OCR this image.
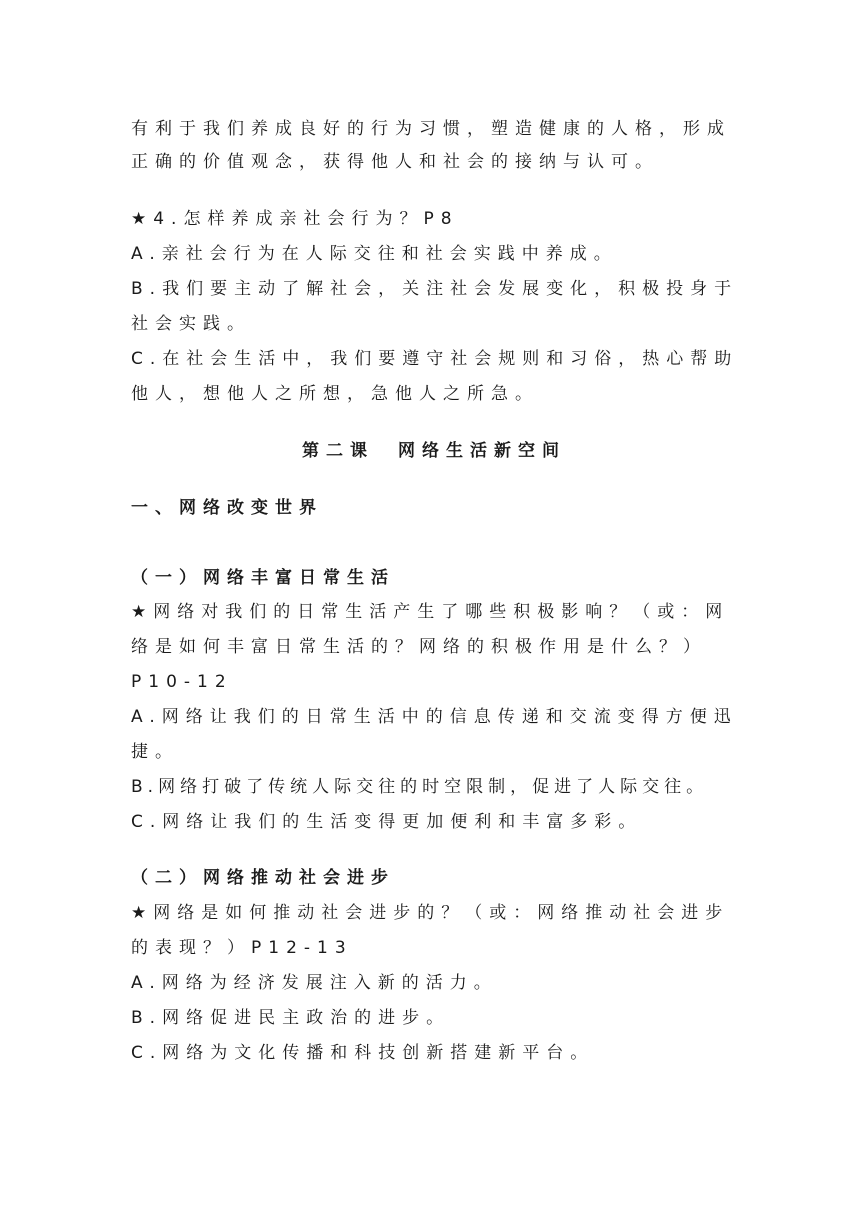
有利于我们养成良好的行为习惯，塑造健康的人格，形成
正确的价值观念，获得他人和社会的接纳与认可。
★4.怎样养成亲社会行为？P8
A.亲社会行为在人际交往和社会实践中养成。
B.我们要主动了解社会，关注社会发展变化，积极投身于
社会实践。
C.在社会生活中，我们要遵守社会规则和习俗，热心帮助
他人，想他人之所想，急他人之所急。
第二课　网络生活新空间
一、网络改变世界
（一）网络丰富日常生活
★网络对我们的日常生活产生了哪些积极影响？（或：网
络是如何丰富日常生活的？网络的积极作用是什么？）
P10-12
A.网络让我们的日常生活中的信息传递和交流变得方便迅
捷。
B.网络打破了传统人际交往的时空限制，促进了人际交往。
C.网络让我们的生活变得更加便利和丰富多彩。
（二）网络推动社会进步
★网络是如何推动社会进步的？（或：网络推动社会进步
的表现？）P12-13
A.网络为经济发展注入新的活力。
B.网络促进民主政治的进步。
C.网络为文化传播和科技创新搭建新平台。
